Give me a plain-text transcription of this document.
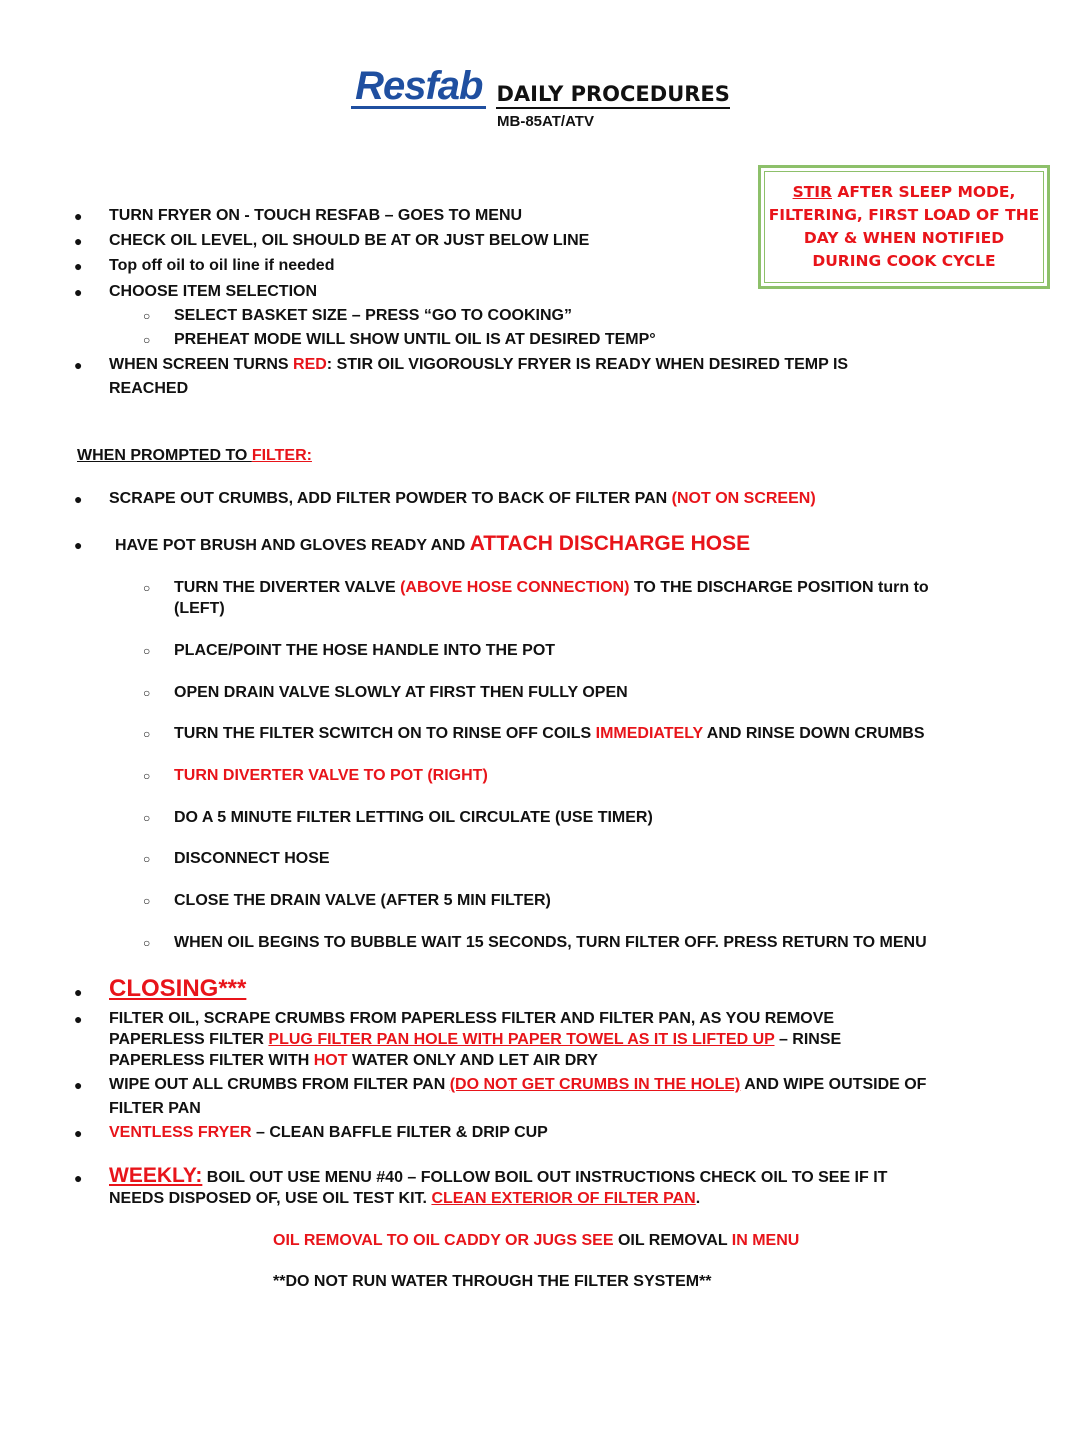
Resfab DAILY PROCEDURES
MB-85AT/ATV
STIR AFTER SLEEP MODE,
FILTERING, FIRST LOAD OF THE
DAY & WHEN NOTIFIED
DURING COOK CYCLE
● TURN FRYER ON - TOUCH RESFAB – GOES TO MENU
● CHECK OIL LEVEL, OIL SHOULD BE AT OR JUST BELOW LINE
● Top off oil to oil line if needed
● CHOOSE ITEM SELECTION
○ SELECT BASKET SIZE – PRESS “GO TO COOKING”
○ PREHEAT MODE WILL SHOW UNTIL OIL IS AT DESIRED TEMP°
● WHEN SCREEN TURNS RED: STIR OIL VIGOROUSLY FRYER IS READY WHEN DESIRED TEMP IS
REACHED
WHEN PROMPTED TO FILTER:
● SCRAPE OUT CRUMBS, ADD FILTER POWDER TO BACK OF FILTER PAN (NOT ON SCREEN)
● HAVE POT BRUSH AND GLOVES READY AND ATTACH DISCHARGE HOSE
○ TURN THE DIVERTER VALVE (ABOVE HOSE CONNECTION) TO THE DISCHARGE POSITION turn to
(LEFT)
○ PLACE/POINT THE HOSE HANDLE INTO THE POT
○ OPEN DRAIN VALVE SLOWLY AT FIRST THEN FULLY OPEN
○ TURN THE FILTER SCWITCH ON TO RINSE OFF COILS IMMEDIATELY AND RINSE DOWN CRUMBS
○ TURN DIVERTER VALVE TO POT (RIGHT)
○ DO A 5 MINUTE FILTER LETTING OIL CIRCULATE (USE TIMER)
○ DISCONNECT HOSE
○ CLOSE THE DRAIN VALVE (AFTER 5 MIN FILTER)
○ WHEN OIL BEGINS TO BUBBLE WAIT 15 SECONDS, TURN FILTER OFF. PRESS RETURN TO MENU
● CLOSING***
● FILTER OIL, SCRAPE CRUMBS FROM PAPERLESS FILTER AND FILTER PAN, AS YOU REMOVE
PAPERLESS FILTER PLUG FILTER PAN HOLE WITH PAPER TOWEL AS IT IS LIFTED UP – RINSE
PAPERLESS FILTER WITH HOT WATER ONLY AND LET AIR DRY
● WIPE OUT ALL CRUMBS FROM FILTER PAN (DO NOT GET CRUMBS IN THE HOLE) AND WIPE OUTSIDE OF
FILTER PAN
● VENTLESS FRYER – CLEAN BAFFLE FILTER & DRIP CUP
● WEEKLY: BOIL OUT USE MENU #40 – FOLLOW BOIL OUT INSTRUCTIONS CHECK OIL TO SEE IF IT
NEEDS DISPOSED OF, USE OIL TEST KIT. CLEAN EXTERIOR OF FILTER PAN.
OIL REMOVAL TO OIL CADDY OR JUGS SEE OIL REMOVAL IN MENU
**DO NOT RUN WATER THROUGH THE FILTER SYSTEM**
